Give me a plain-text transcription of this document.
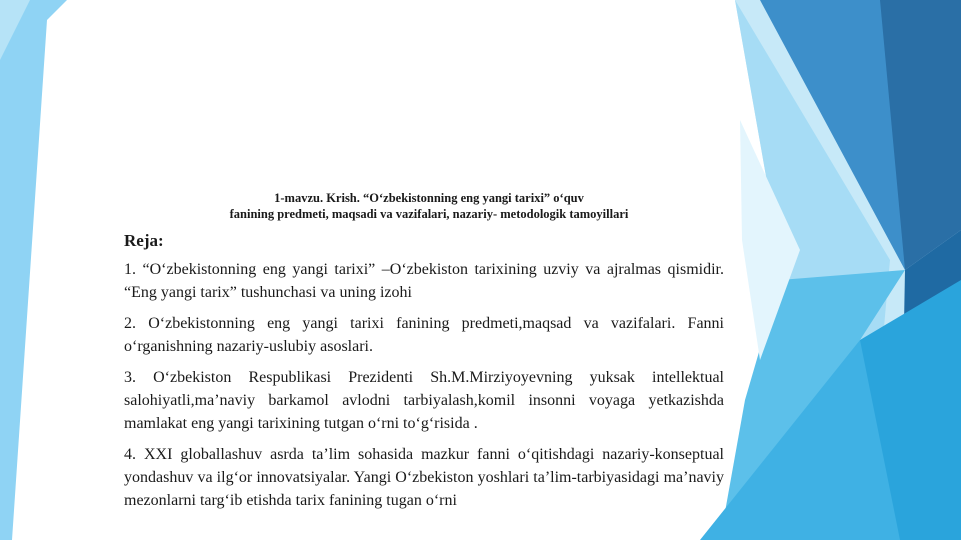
1-mavzu. Krish. “O‘zbekistonning eng yangi tarixi” o‘quv
fanining predmeti, maqsadi va vazifalari, nazariy- metodologik tamoyillari
Reja:
1. “O‘zbekistonning eng yangi tarixi” –O‘zbekiston tarixining uzviy va ajralmas qismidir. “Eng yangi tarix” tushunchasi va uning izohi
2. O‘zbekistonning eng yangi tarixi fanining predmeti,maqsad va vazifalari. Fanni o‘rganishning nazariy-uslubiy asoslari.
3. O‘zbekiston Respublikasi Prezidenti Sh.M.Mirziyoyevning yuksak intellektual salohiyatli,ma’naviy barkamol avlodni tarbiyalash,komil insonni voyaga yetkazishda mamlakat eng yangi tarixining tutgan o‘rni to‘g‘risida .
4. XXI globallashuv asrda ta’lim sohasida mazkur fanni o‘qitishdagi nazariy-konseptual yondashuv va ilg‘or innovatsiyalar. Yangi O‘zbekiston yoshlari ta’lim-tarbiyasidagi ma’naviy mezonlarni targ‘ib etishda tarix fanining tugan o‘rni
